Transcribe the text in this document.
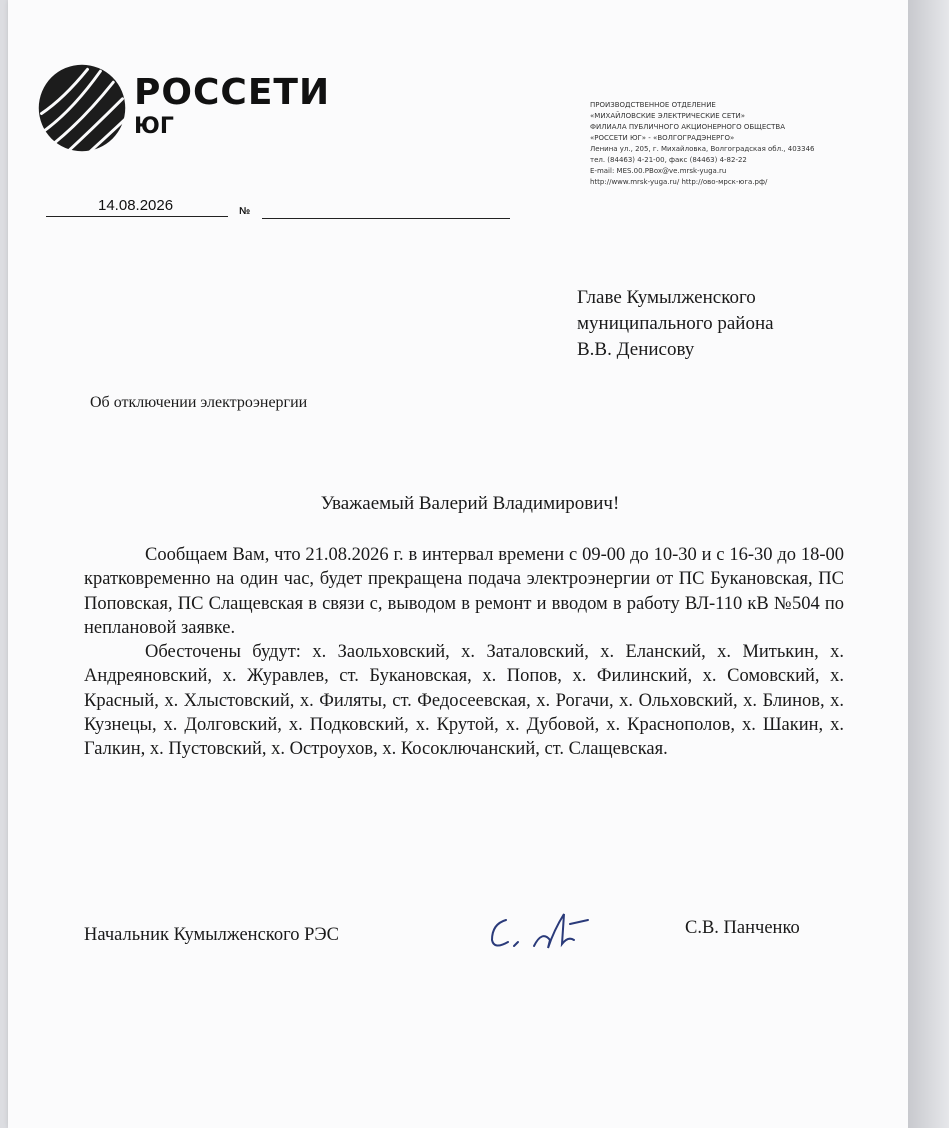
РОССЕТИ
ЮГ
ПРОИЗВОДСТВЕННОЕ ОТДЕЛЕНИЕ
«МИХАЙЛОВСКИЕ ЭЛЕКТРИЧЕСКИЕ СЕТИ»
ФИЛИАЛА ПУБЛИЧНОГО АКЦИОНЕРНОГО ОБЩЕСТВА
«РОССЕТИ ЮГ» - «ВОЛГОГРАДЭНЕРГО»
Ленина ул., 205, г. Михайловка, Волгоградская обл., 403346
тел. (84463) 4-21-00, факс (84463) 4-82-22
E-mail: MES.00.PBox@ve.mrsk-yuga.ru
http://www.mrsk-yuga.ru/ http://ово-мрск-юга.рф/
14.08.2026	№
Главе Кумылженского
муниципального района
В.В. Денисову
Об отключении электроэнергии
Уважаемый Валерий Владимирович!

Сообщаем Вам, что 21.08.2026 г. в интервал времени с 09-00 до 10-30 и с 16-30 до 18-00 кратковременно на один час, будет прекращена подача электроэнергии от ПС Букановская, ПС Поповская, ПС Слащевская в связи с, выводом в ремонт и вводом в работу ВЛ-110 кВ №504 по неплановой заявке.

Обесточены будут: х. Заольховский, х. Заталовский, х. Еланский, х. Митькин, х. Андреяновский, х. Журавлев, ст. Букановская, х. Попов, х. Филинский, х. Сомовский, х. Красный, х. Хлыстовский, х. Филяты, ст. Федосеевская, х. Рогачи, х. Ольховский, х. Блинов, х. Кузнецы, х. Долговский, х. Подковский, х. Крутой, х. Дубовой, х. Краснополов, х. Шакин, х. Галкин, х. Пустовский, х. Остроухов, х. Косоключанский, ст. Слащевская.

Начальник Кумылженского РЭС	С.В. Панченко
